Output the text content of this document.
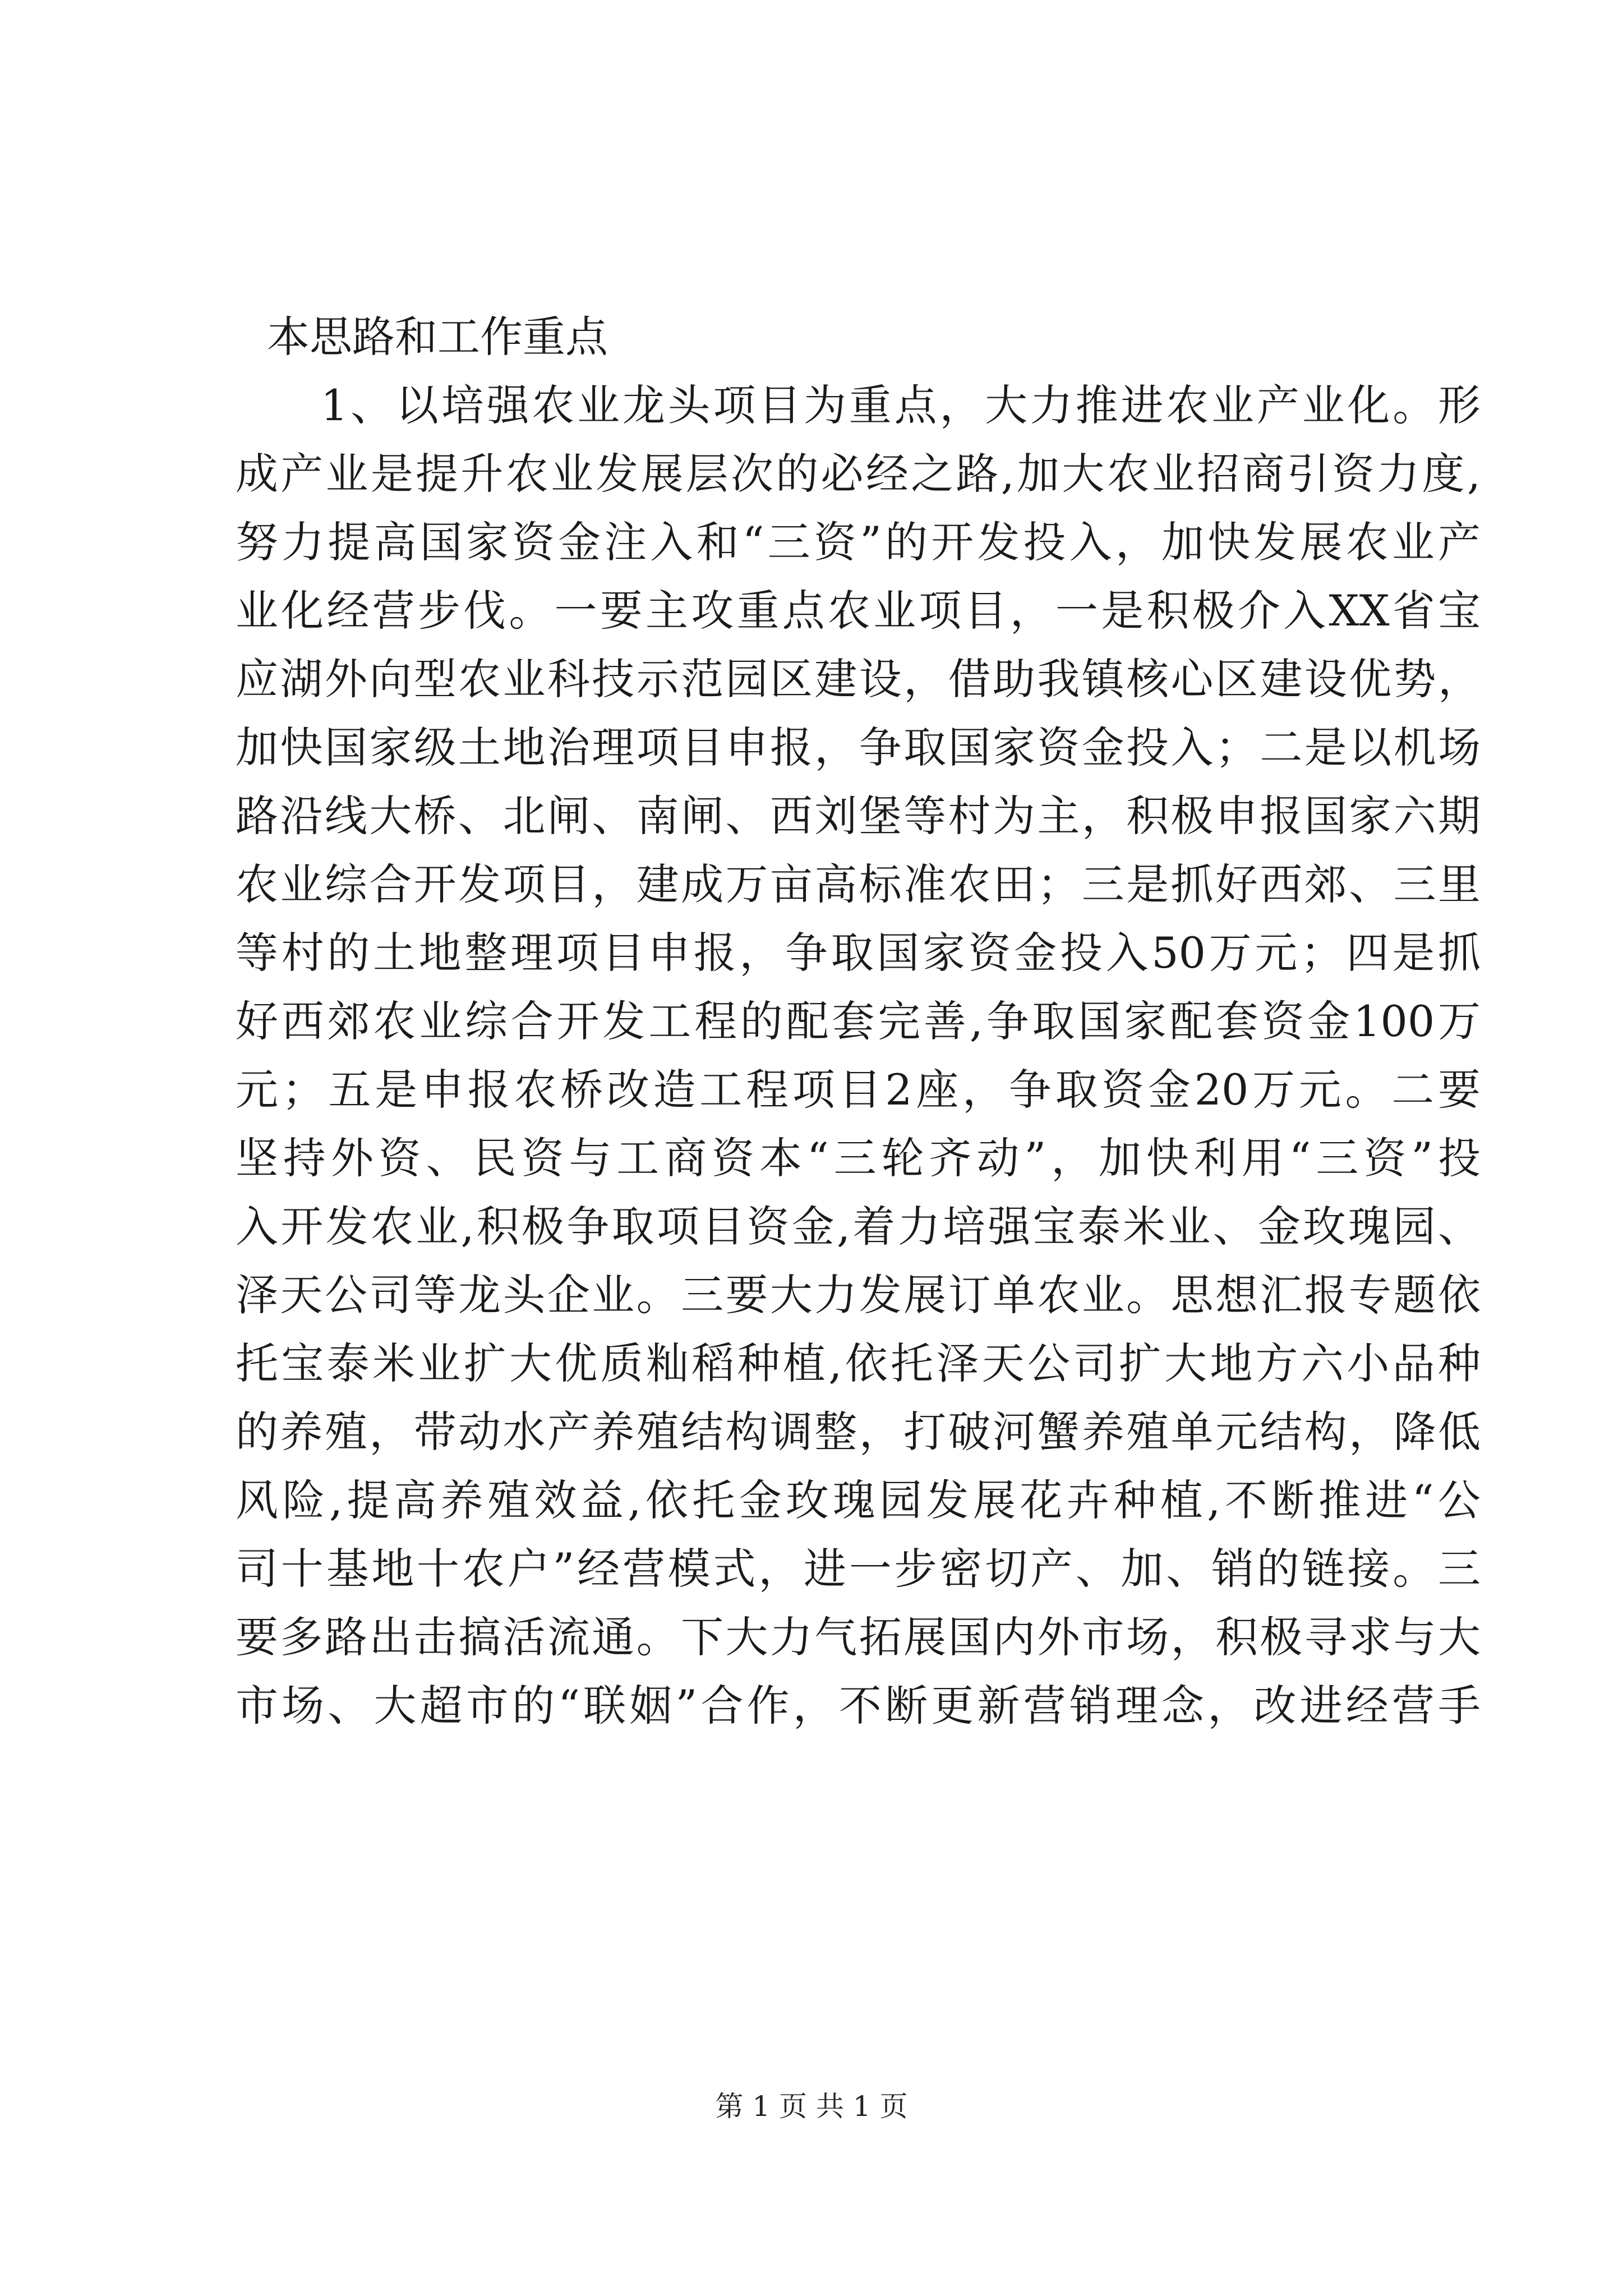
本思路和工作重点
1、以培强农业龙头项目为重点，大力推进农业产业化。形
成产业是提升农业发展层次的必经之路,加大农业招商引资力度,
努力提高国家资金注入和“三资”的开发投入，加快发展农业产
业化经营步伐。一要主攻重点农业项目，一是积极介入XX省宝
应湖外向型农业科技示范园区建设，借助我镇核心区建设优势，
加快国家级土地治理项目申报，争取国家资金投入；二是以机场
路沿线大桥、北闸、南闸、西刘堡等村为主，积极申报国家六期
农业综合开发项目，建成万亩高标准农田；三是抓好西郊、三里
等村的土地整理项目申报，争取国家资金投入50万元；四是抓
好西郊农业综合开发工程的配套完善,争取国家配套资金100万
元；五是申报农桥改造工程项目2座，争取资金20万元。二要
坚持外资、民资与工商资本“三轮齐动”，加快利用“三资”投
入开发农业,积极争取项目资金,着力培强宝泰米业、金玫瑰园、
泽天公司等龙头企业。三要大力发展订单农业。思想汇报专题依
托宝泰米业扩大优质籼稻种植,依托泽天公司扩大地方六小品种
的养殖，带动水产养殖结构调整，打破河蟹养殖单元结构，降低
风险,提高养殖效益,依托金玫瑰园发展花卉种植,不断推进“公
司十基地十农户”经营模式，进一步密切产、加、销的链接。三
要多路出击搞活流通。下大力气拓展国内外市场，积极寻求与大
市场、大超市的“联姻”合作，不断更新营销理念，改进经营手
第 1 页 共 1 页
